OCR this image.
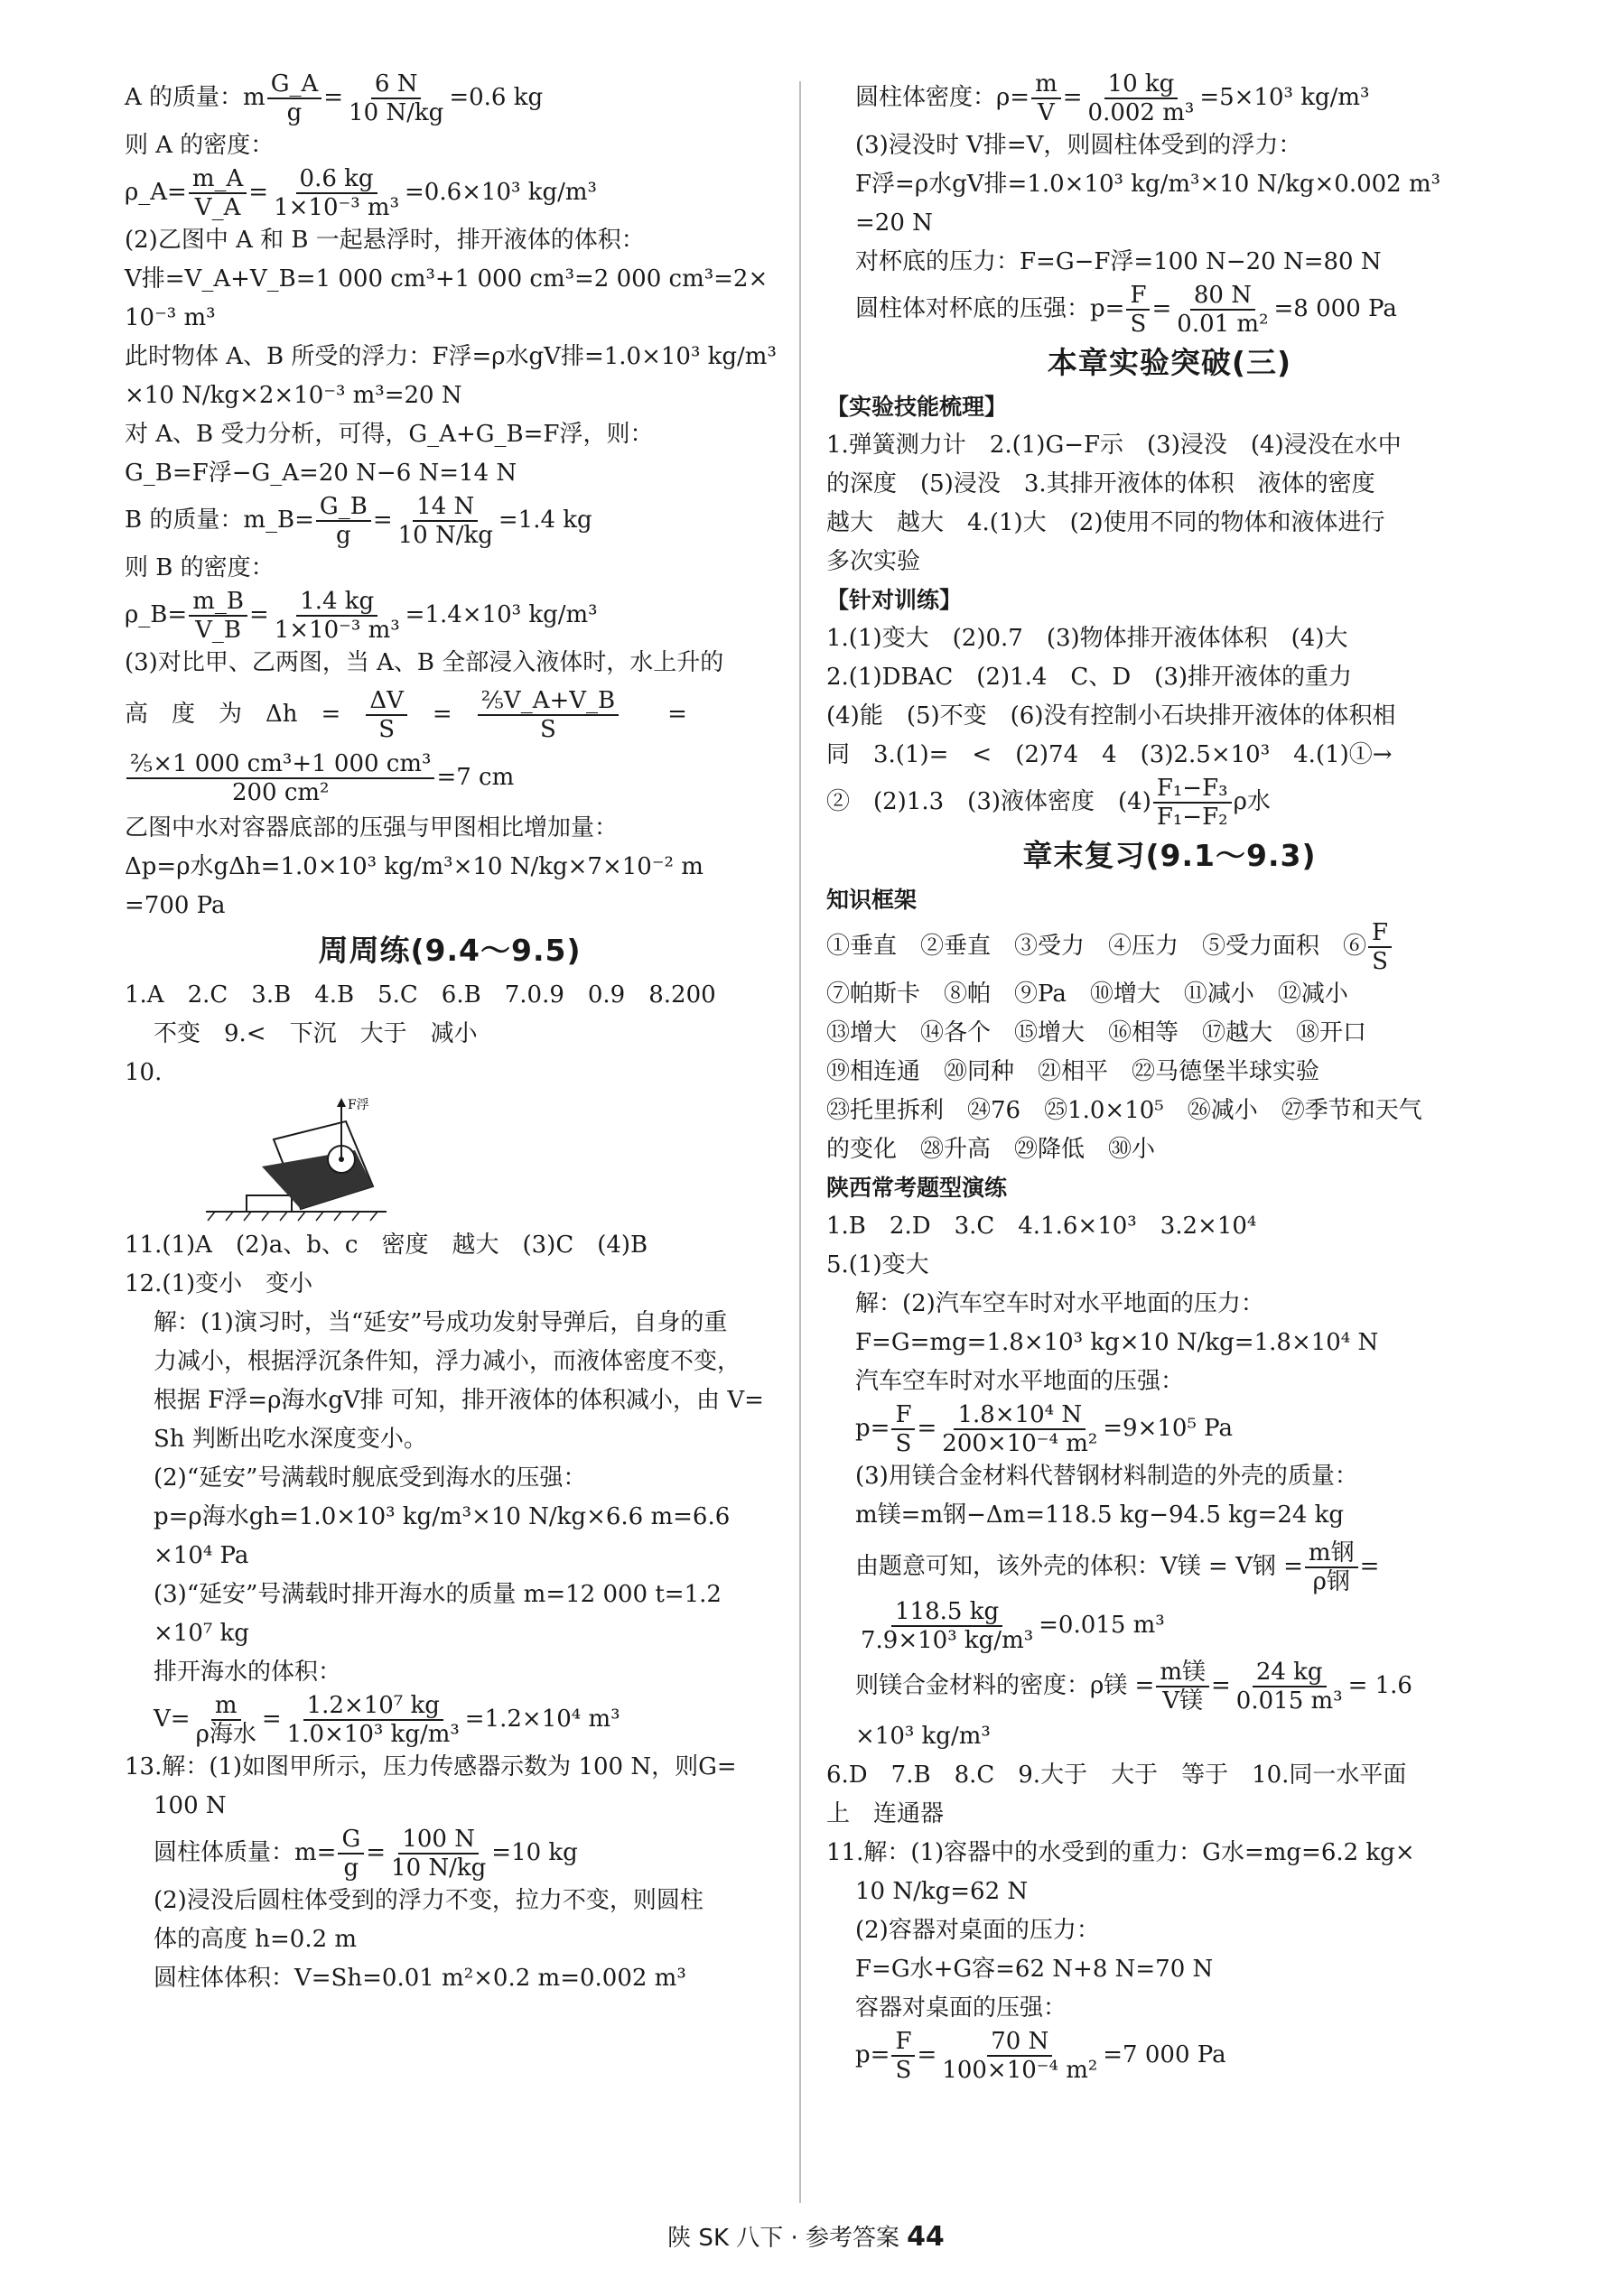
A 的质量：m $\frac{G\_A}{g} = \frac{6 N}{10 N/kg} =0.6$ kg
则 A 的密度：
ρ_A= $\frac{m\_A}{V\_A} = \frac{0.6 kg}{\text{1×10⁻³ m³}} =0.6\times 10^3$ kg/m³
(2)乙图中 A 和 B 一起悬浮时，排开液体的体积：
V排=V_A+V_B=1 000 cm³+1 000 cm³=2 000 cm³=2×
10⁻³ m³
此时物体 A、B 所受的浮力：F浮=ρ水gV排=1.0×10³ kg/m³
×10 N/kg×2×10⁻³ m³=20 N
对 A、B 受力分析，可得，G_A+G_B=F浮，则：
G_B=F浮−G_A=20 N−6 N=14 N
B 的质量：m_B= $\frac{G\_B}{g} = \frac{14 N}{10 N/kg} =1.4$ kg
则 B 的密度：
ρ_B= $\frac{m\_B}{V\_B} = \frac{1.4 kg}{\text{1×10⁻³ m³}} =1.4\times 10^3$ kg/m³
(3)对比甲、乙两图，当 A、B 全部浸入液体时，水上升的
高　度　为　Δh　=　 $\frac{\Delta V}{S}$
　 =　 $\frac{\text{⅖V\_A+V\_B}}{S}$
　　 =
$\frac{\text{⅖×1 000 cm³+1 000 cm³}}{\text{200 cm²}} =7$ cm
乙图中水对容器底部的压强与甲图相比增加量：
Δp=ρ水gΔh=1.0×10³ kg/m³×10 N/kg×7×10⁻² m
=700 Pa
周周练(9.4～9.5)
1.A　2.C　3.B　4.B　5.C　6.B　7.0.9　0.9　8.200
不变　9.<　下沉　大于　减小
10.
F浮
11.(1)A　(2)a、b、c　密度　越大　(3)C　(4)B
12.(1)变小　变小
解：(1)演习时，当“延安”号成功发射导弹后，自身的重
力减小，根据浮沉条件知，浮力减小，而液体密度不变，
根据 F浮=ρ海水gV排 可知，排开液体的体积减小，由 V=
Sh 判断出吃水深度变小。
(2)“延安”号满载时舰底受到海水的压强：
p=ρ海水gh=1.0×10³ kg/m³×10 N/kg×6.6 m=6.6
×10⁴ Pa
(3)“延安”号满载时排开海水的质量 m=12 000 t=1.2
×10⁷ kg
排开海水的体积：
$V= \frac{m}{\text{ρ海水}} = \frac{\text{1.2×10⁷ kg}}{\text{1.0×10³ kg/m³}} =1.2\times 10^4$ m³
13.解：(1)如图甲所示，压力传感器示数为 100 N，则G=
100 N
圆柱体质量：$m= \frac{G}{g} = \frac{100 N}{10 N/kg} =10$ kg
(2)浸没后圆柱体受到的浮力不变，拉力不变，则圆柱
体的高度 h=0.2 m
圆柱体体积：V=Sh=0.01 m²×0.2 m=0.002 m³
圆柱体密度：$\rho= \frac{m}{V} = \frac{10 kg}{\text{0.002 m³}} =5\times 10^3$ kg/m³
(3)浸没时 V排=V，则圆柱体受到的浮力：
F浮=ρ水gV排=1.0×10³ kg/m³×10 N/kg×0.002 m³
=20 N
对杯底的压力：F=G−F浮=100 N−20 N=80 N
圆柱体对杯底的压强：$p= \frac{F}{S} = \frac{80 N}{\text{0.01 m²}} =8$ 000 Pa
本章实验突破(三)
【实验技能梳理】
1.弹簧测力计　2.(1)G−F示　(3)浸没　(4)浸没在水中
的深度　(5)浸没　3.其排开液体的体积　液体的密度
越大　越大　4.(1)大　(2)使用不同的物体和液体进行
多次实验
【针对训练】
1.(1)变大　(2)0.7　(3)物体排开液体体积　(4)大
2.(1)DBAC　(2)1.4　C、D　(3)排开液体的重力
(4)能　(5)不变　(6)没有控制小石块排开液体的体积相
同　3.(1)=　<　(2)74　4　(3)2.5×10³　4.(1)①→
②　(2)1.3　(3)液体密度　$(4) \frac{\text{F₁−F₃}}{\text{F₁−F₂}}$ ρ水
章末复习(9.1～9.3)
知识框架
①垂直　②垂直　③受力　④压力　⑤受力面积　⑥ $\frac{F}{S}$
⑦帕斯卡　⑧帕　⑨Pa　⑩增大　⑪减小　⑫减小
⑬增大　⑭各个　⑮增大　⑯相等　⑰越大　⑱开口
⑲相连通　⑳同种　㉑相平　㉒马德堡半球实验
㉓托里拆利　㉔76　㉕1.0×10⁵　㉖减小　㉗季节和天气
的变化　㉘升高　㉙降低　㉚小
陕西常考题型演练
1.B　2.D　3.C　4.1.6×10³　3.2×10⁴
5.(1)变大
解：(2)汽车空车时对水平地面的压力：
F=G=mg=1.8×10³ kg×10 N/kg=1.8×10⁴ N
汽车空车时对水平地面的压强：
$p= \frac{F}{S} = \frac{\text{1.8×10⁴ N}}{\text{200×10⁻⁴ m²}} =9\times 10^5$ Pa
(3)用镁合金材料代替钢材料制造的外壳的质量：
m镁=m钢−Δm=118.5 kg−94.5 kg=24 kg
由题意可知，该外壳的体积：V镁 = V钢 = $\frac{\text{m钢}}{\text{ρ钢}}$ =
$\frac{118.5 kg}{\text{7.9×10³ kg/m³}} =0.015$ m³
则镁合金材料的密度：ρ镁 = $\frac{\text{m镁}}{\text{V镁}} = \frac{24 kg}{\text{0.015 m³}} = 1.6$
×10³ kg/m³
6.D　7.B　8.C　9.大于　大于　等于　10.同一水平面
上　连通器
11.解：(1)容器中的水受到的重力：G水=mg=6.2 kg×
10 N/kg=62 N
(2)容器对桌面的压力：
F=G水+G容=62 N+8 N=70 N
容器对桌面的压强：
$p= \frac{F}{S} = \frac{70 N}{\text{100×10⁻⁴ m²}} =7$ 000 Pa
陕 SK 八下 · 参考答案 44
